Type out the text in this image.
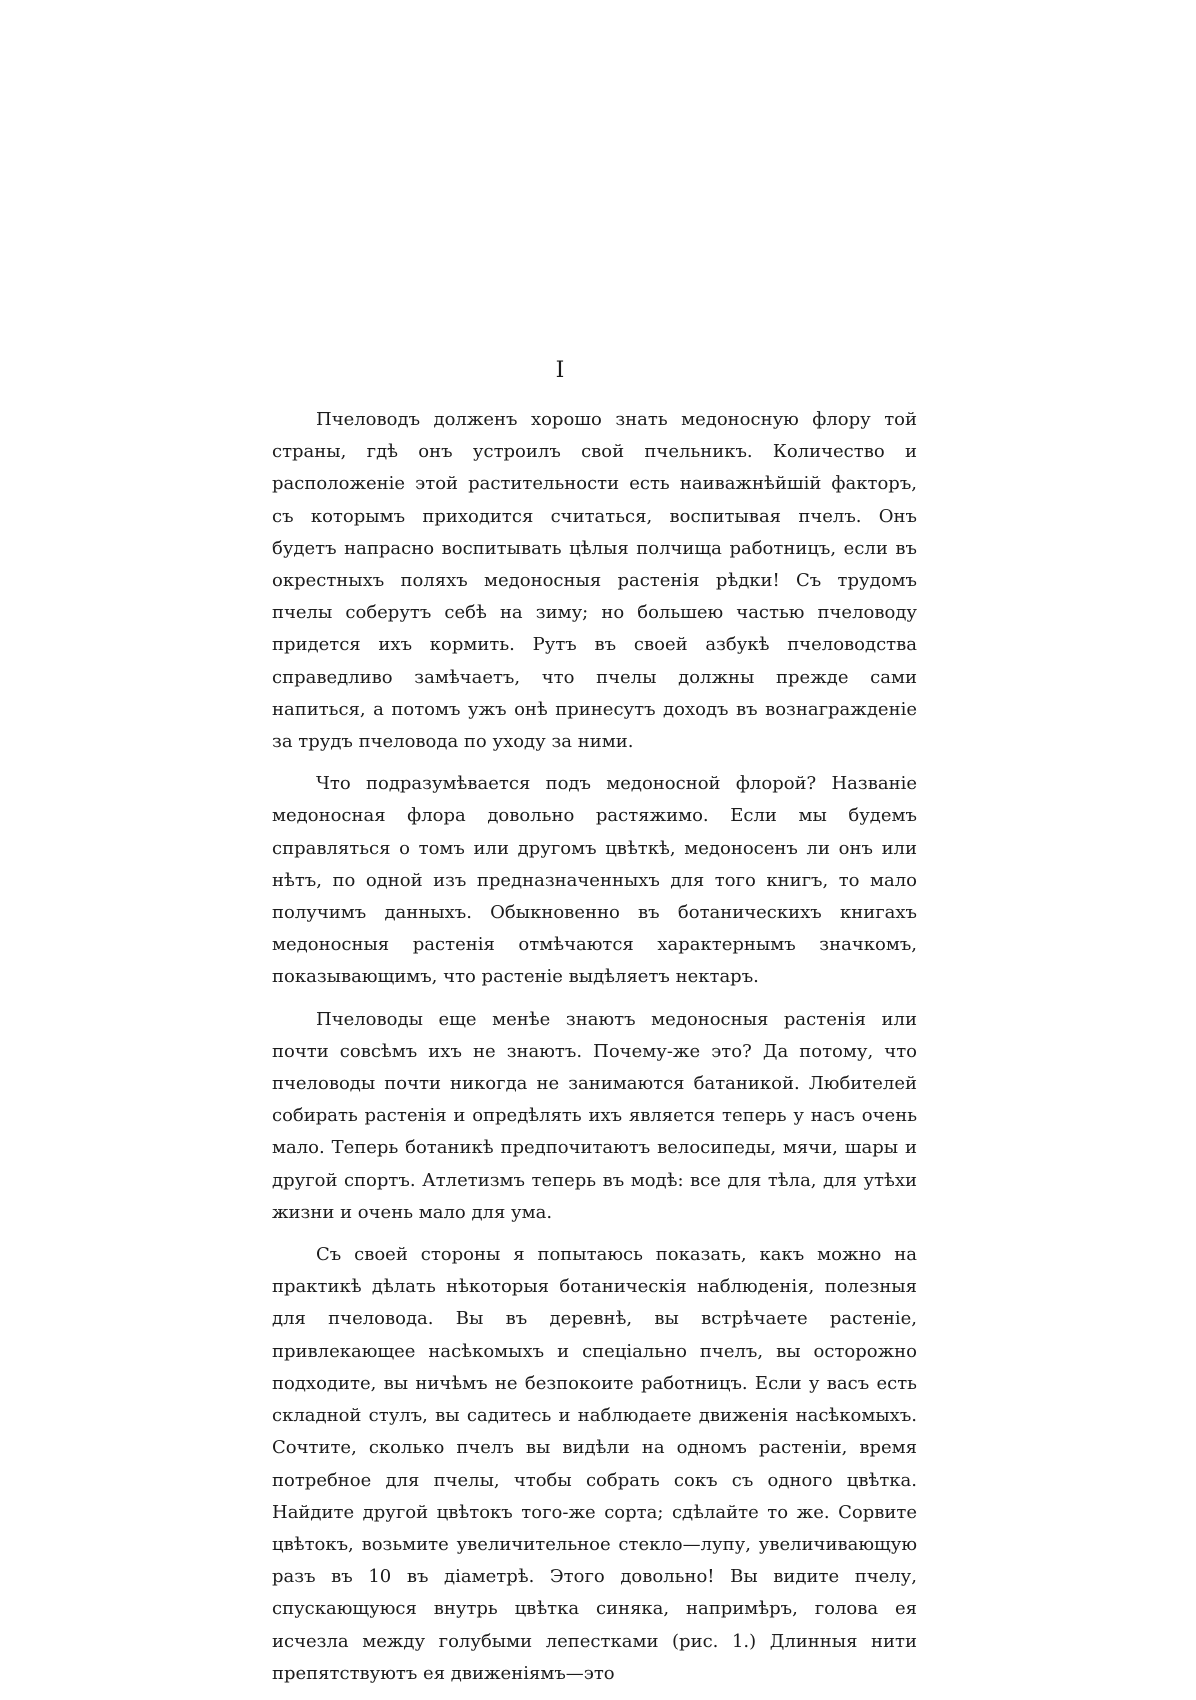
I

Пчеловодъ долженъ хорошо знать медоносную флору той страны, гдѣ онъ устроилъ свой пчельникъ. Количество и расположеніе этой растительности есть наиважнѣйшій факторъ, съ которымъ приходится считаться, воспитывая пчелъ. Онъ будетъ напрасно воспитывать цѣлыя полчища работницъ, если въ окрестныхъ поляхъ медоносныя растенія рѣдки! Съ трудомъ пчелы соберутъ себѣ на зиму; но большею частью пчеловоду придется ихъ кормить. Рутъ въ своей азбукѣ пчеловодства справедливо замѣчаетъ, что пчелы должны прежде сами напиться, а потомъ ужъ онѣ принесутъ доходъ въ вознагражденіе за трудъ пчеловода по уходу за ними.

Что подразумѣвается подъ медоносной флорой? Названіе медоносная флора довольно растяжимо. Если мы будемъ справляться о томъ или другомъ цвѣткѣ, медоносенъ ли онъ или нѣтъ, по одной изъ предназначенныхъ для того книгъ, то мало получимъ данныхъ. Обыкновенно въ ботаническихъ книгахъ медоносныя растенія отмѣчаются характернымъ значкомъ, показывающимъ, что растеніе выдѣляетъ нектаръ.

Пчеловоды еще менѣе знаютъ медоносныя растенія или почти совсѣмъ ихъ не знаютъ. Почему-же это? Да потому, что пчеловоды почти никогда не занимаются батаникой. Любителей собирать растенія и опредѣлять ихъ является теперь у насъ очень мало. Теперь ботаникѣ предпочитаютъ велосипеды, мячи, шары и другой спортъ. Атлетизмъ теперь въ модѣ: все для тѣла, для утѣхи жизни и очень мало для ума.

Съ своей стороны я попытаюсь показать, какъ можно на практикѣ дѣлать нѣкоторыя ботаническія наблюденія, полезныя для пчеловода. Вы въ деревнѣ, вы встрѣчаете растеніе, привлекающее насѣкомыхъ и спеціально пчелъ, вы осторожно подходите, вы ничѣмъ не безпокоите работницъ. Если у васъ есть складной стулъ, вы садитесь и наблюдаете движенія насѣкомыхъ. Сочтите, сколько пчелъ вы видѣли на одномъ растеніи, время потребное для пчелы, чтобы собрать сокъ съ одного цвѣтка. Найдите другой цвѣтокъ того-же сорта; сдѣлайте то же. Сорвите цвѣтокъ, возьмите увеличительное стекло—лупу, увеличивающую разъ въ 10 въ діаметрѣ. Этого довольно! Вы видите пчелу, спускающуюся внутрь цвѣтка синяка, напримѣръ, голова ея исчезла между голубыми лепестками (рис. 1.) Длинныя нити препятствуютъ ея движеніямъ—это
